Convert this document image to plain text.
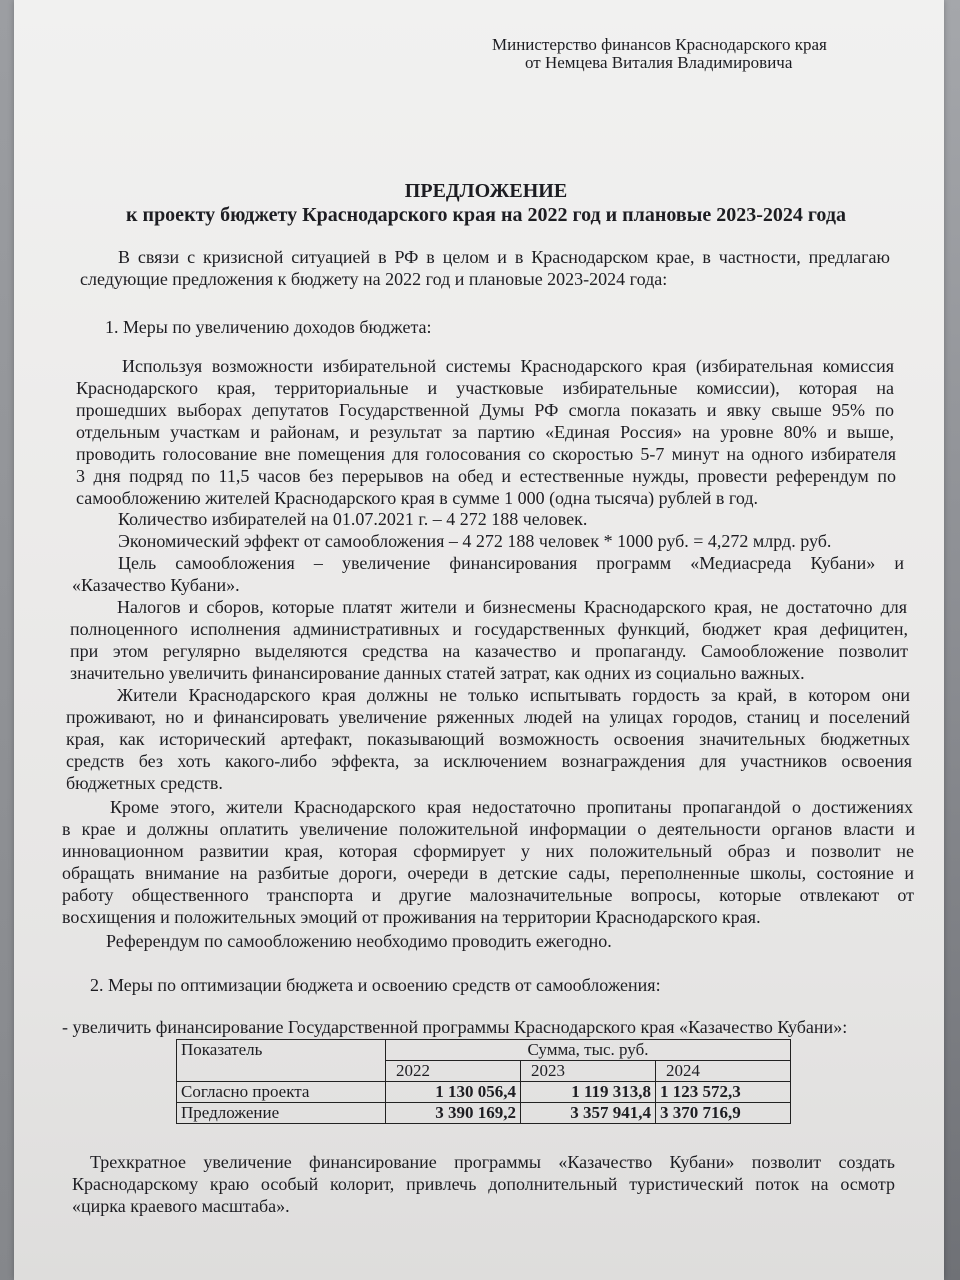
Министерство финансов Краснодарского края
от Немцева Виталия Владимировича
ПРЕДЛОЖЕНИЕ
к проекту бюджету Краснодарского края на 2022 год и плановые 2023-2024 года
В связи с кризисной ситуацией в РФ в целом и в Краснодарском крае, в частности, предлагаю
следующие предложения к бюджету на 2022 год и плановые 2023-2024 года:
1. Меры по увеличению доходов бюджета:
Используя возможности избирательной системы Краснодарского края (избирательная комиссия
Краснодарского края, территориальные и участковые избирательные комиссии), которая на
прошедших выборах депутатов Государственной Думы РФ смогла показать и явку свыше 95% по
отдельным участкам и районам, и результат за партию «Единая Россия» на уровне 80% и выше,
проводить голосование вне помещения для голосования со скоростью 5-7 минут на одного избирателя
3 дня подряд по 11,5 часов без перерывов на обед и естественные нужды, провести референдум по
самообложению жителей Краснодарского края в сумме 1 000 (одна тысяча) рублей в год.
Количество избирателей на 01.07.2021 г. – 4 272 188 человек.
Экономический эффект от самообложения – 4 272 188 человек * 1000 руб. = 4,272 млрд. руб.
Цель самообложения – увеличение финансирования программ «Медиасреда Кубани» и
«Казачество Кубани».
Налогов и сборов, которые платят жители и бизнесмены Краснодарского края, не достаточно для
полноценного исполнения административных и государственных функций, бюджет края дефицитен,
при этом регулярно выделяются средства на казачество и пропаганду. Самообложение позволит
значительно увеличить финансирование данных статей затрат, как одних из социально важных.
Жители Краснодарского края должны не только испытывать гордость за край, в котором они
проживают, но и финансировать увеличение ряженных людей на улицах городов, станиц и поселений
края, как исторический артефакт, показывающий возможность освоения значительных бюджетных
средств без хоть какого-либо эффекта, за исключением вознаграждения для участников освоения
бюджетных средств.
Кроме этого, жители Краснодарского края недостаточно пропитаны пропагандой о достижениях
в крае и должны оплатить увеличение положительной информации о деятельности органов власти и
инновационном развитии края, которая сформирует у них положительный образ и позволит не
обращать внимание на разбитые дороги, очереди в детские сады, переполненные школы, состояние и
работу общественного транспорта и другие малозначительные вопросы, которые отвлекают от
восхищения и положительных эмоций от проживания на территории Краснодарского края.
Референдум по самообложению необходимо проводить ежегодно.
2. Меры по оптимизации бюджета и освоению средств от самообложения:
- увеличить финансирование Государственной программы Краснодарского края «Казачество Кубани»:
Показатель	Сумма, тыс. руб.		
	2022	2023	2024
Согласно проекта	1 130 056,4	1 119 313,8	1 123 572,3
Предложение	3 390 169,2	3 357 941,4	3 370 716,9
Трехкратное увеличение финансирование программы «Казачество Кубани» позволит создать
Краснодарскому краю особый колорит, привлечь дополнительный туристический поток на осмотр
«цирка краевого масштаба».
